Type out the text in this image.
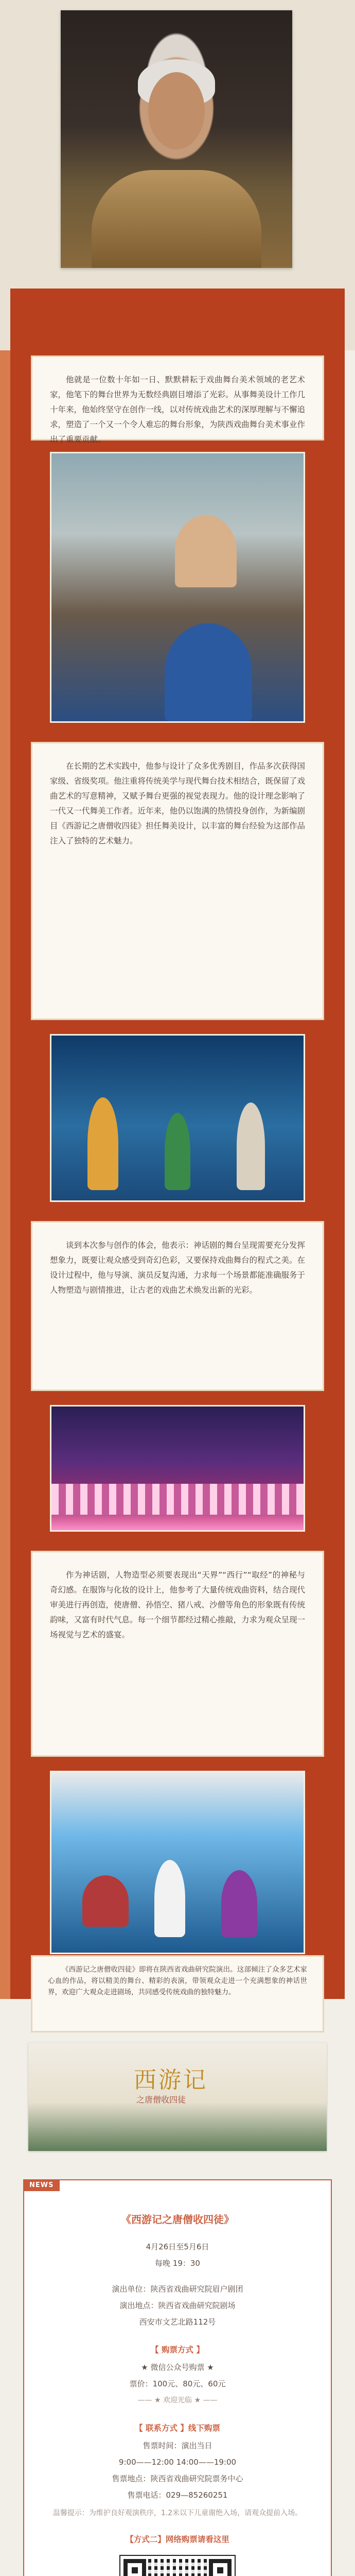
他就是一位数十年如一日、默默耕耘于戏曲舞台美术领域的老艺术家，他笔下的舞台世界为无数经典剧目增添了光彩。从事舞美设计工作几十年来，他始终坚守在创作一线，以对传统戏曲艺术的深厚理解与不懈追求，塑造了一个又一个令人难忘的舞台形象，为陕西戏曲舞台美术事业作出了重要贡献。
在长期的艺术实践中，他参与设计了众多优秀剧目，作品多次获得国家级、省级奖项。他注重将传统美学与现代舞台技术相结合，既保留了戏曲艺术的写意精神，又赋予舞台更强的视觉表现力。他的设计理念影响了一代又一代舞美工作者。近年来，他仍以饱满的热情投身创作，为新编剧目《西游记之唐僧收四徒》担任舞美设计，以丰富的舞台经验为这部作品注入了独特的艺术魅力。
谈到本次参与创作的体会，他表示：神话剧的舞台呈现需要充分发挥想象力，既要让观众感受到奇幻色彩，又要保持戏曲舞台的程式之美。在设计过程中，他与导演、演员反复沟通，力求每一个场景都能准确服务于人物塑造与剧情推进，让古老的戏曲艺术焕发出新的光彩。
作为神话剧，人物造型必须要表现出“天界”“西行”“取经”的神秘与奇幻感。在服饰与化妆的设计上，他参考了大量传统戏曲资料，结合现代审美进行再创造，使唐僧、孙悟空、猪八戒、沙僧等角色的形象既有传统韵味，又富有时代气息。每一个细节都经过精心推敲，力求为观众呈现一场视觉与艺术的盛宴。
西游记
之唐僧收四徒
NEWS
《西游记之唐僧收四徒》

4月26日至5月6日

每晚 19：30

演出单位：陕西省戏曲研究院眉户剧团

演出地点：陕西省戏曲研究院剧场

西安市文艺北路112号

【 购票方式 】

★ 微信公众号购票 ★

票价：100元、80元、60元

—— ★ 欢迎光临 ★ ——

【 联系方式 】线下购票

售票时间：演出当日

9:00——12:00 14:00——19:00

售票地点：陕西省戏曲研究院票务中心

售票电话：029—85260251

温馨提示：为维护良好观演秩序，1.2米以下儿童谢绝入场，请观众提前入场。

【方式二】网络购票请看这里
《西游记之唐僧收四徒》即将在陕西省戏曲研究院演出。这部倾注了众多艺术家心血的作品，将以精美的舞台、精彩的表演，带领观众走进一个充满想象的神话世界，欢迎广大观众走进剧场，共同感受传统戏曲的独特魅力。
